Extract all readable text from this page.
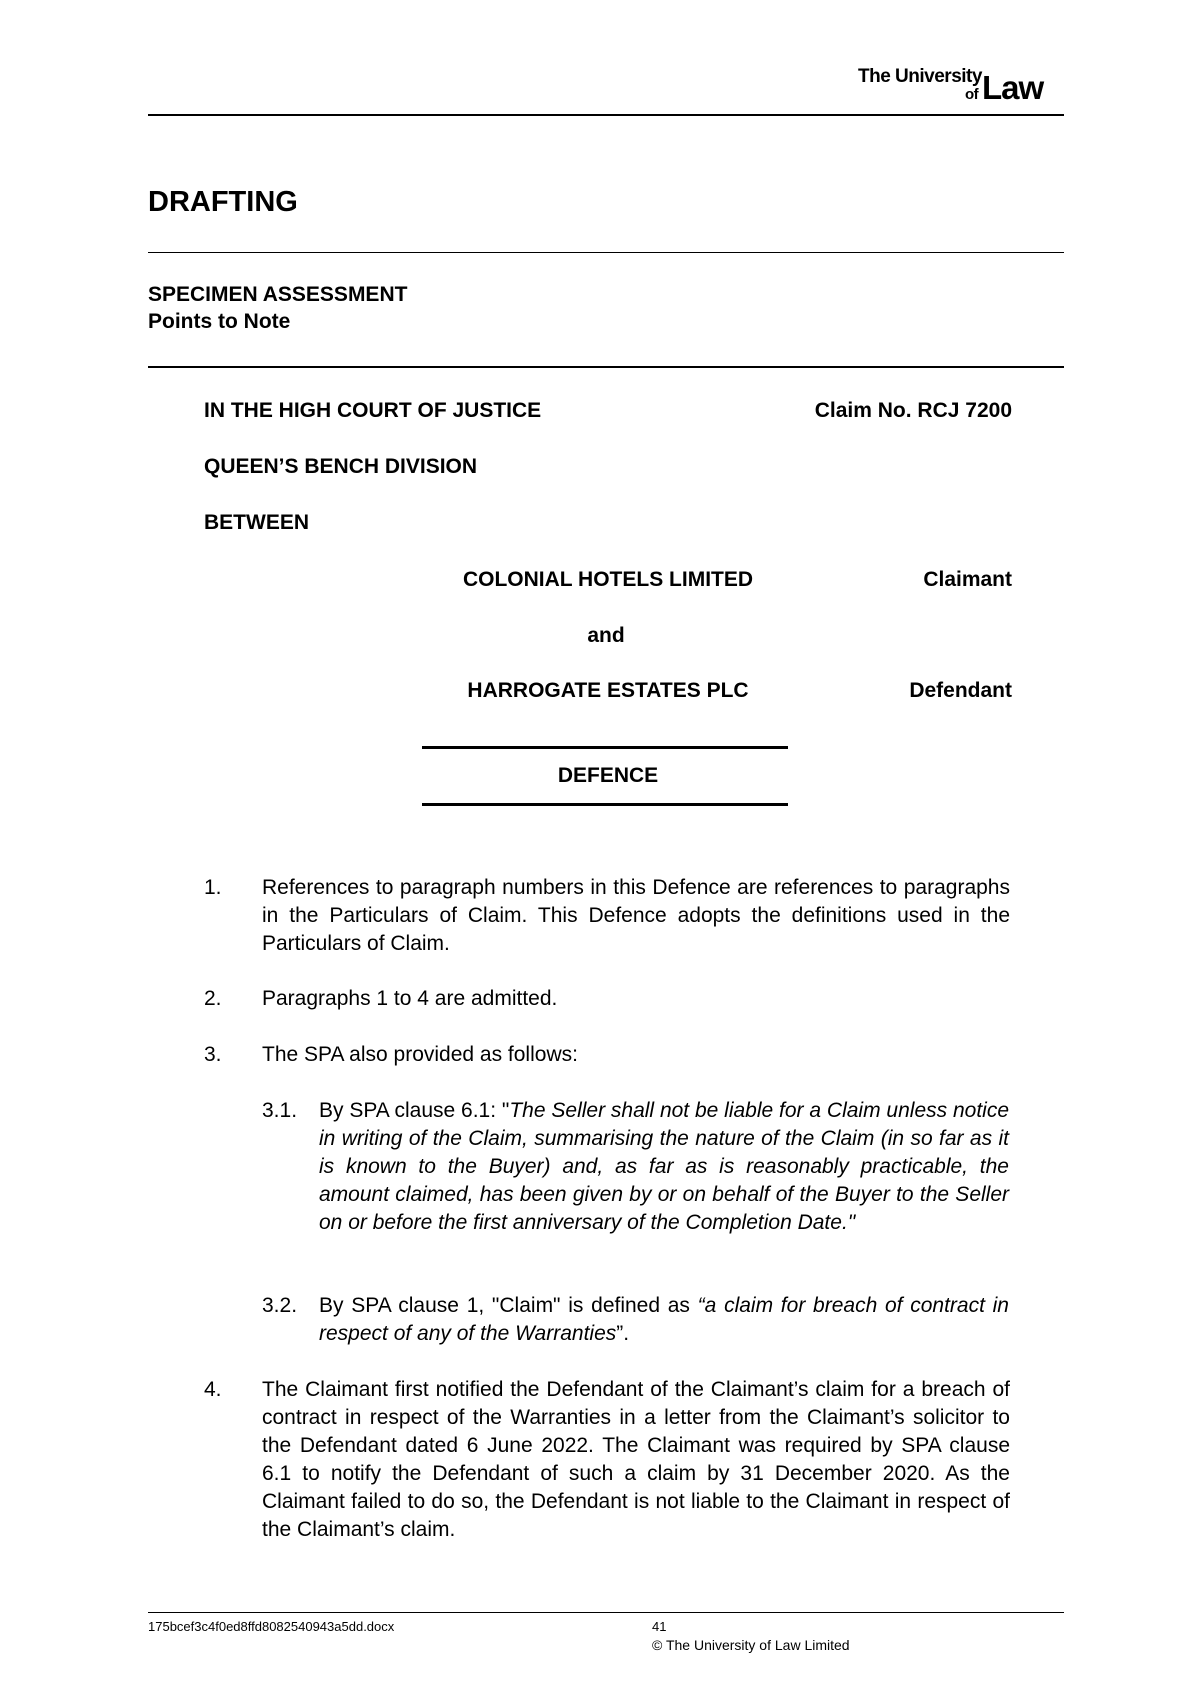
The University
of Law
DRAFTING
SPECIMEN ASSESSMENT
Points to Note
IN THE HIGH COURT OF JUSTICE	Claim No. RCJ 7200
QUEEN’S BENCH DIVISION
BETWEEN
COLONIAL HOTELS LIMITED	Claimant
and
HARROGATE ESTATES PLC	Defendant
DEFENCE
1. References to paragraph numbers in this Defence are references to paragraphs in the Particulars of Claim. This Defence adopts the definitions used in the Particulars of Claim.
2. Paragraphs 1 to 4 are admitted.
3. The SPA also provided as follows:
3.1. By SPA clause 6.1: "The Seller shall not be liable for a Claim unless notice in writing of the Claim, summarising the nature of the Claim (in so far as it is known to the Buyer) and, as far as is reasonably practicable, the amount claimed, has been given by or on behalf of the Buyer to the Seller on or before the first anniversary of the Completion Date."
3.2. By SPA clause 1, "Claim" is defined as “a claim for breach of contract in respect of any of the Warranties”.
4. The Claimant first notified the Defendant of the Claimant’s claim for a breach of contract in respect of the Warranties in a letter from the Claimant’s solicitor to the Defendant dated 6 June 2022. The Claimant was required by SPA clause 6.1 to notify the Defendant of such a claim by 31 December 2020. As the Claimant failed to do so, the Defendant is not liable to the Claimant in respect of the Claimant’s claim.
175bcef3c4f0ed8ffd8082540943a5dd.docx	41
© The University of Law Limited
